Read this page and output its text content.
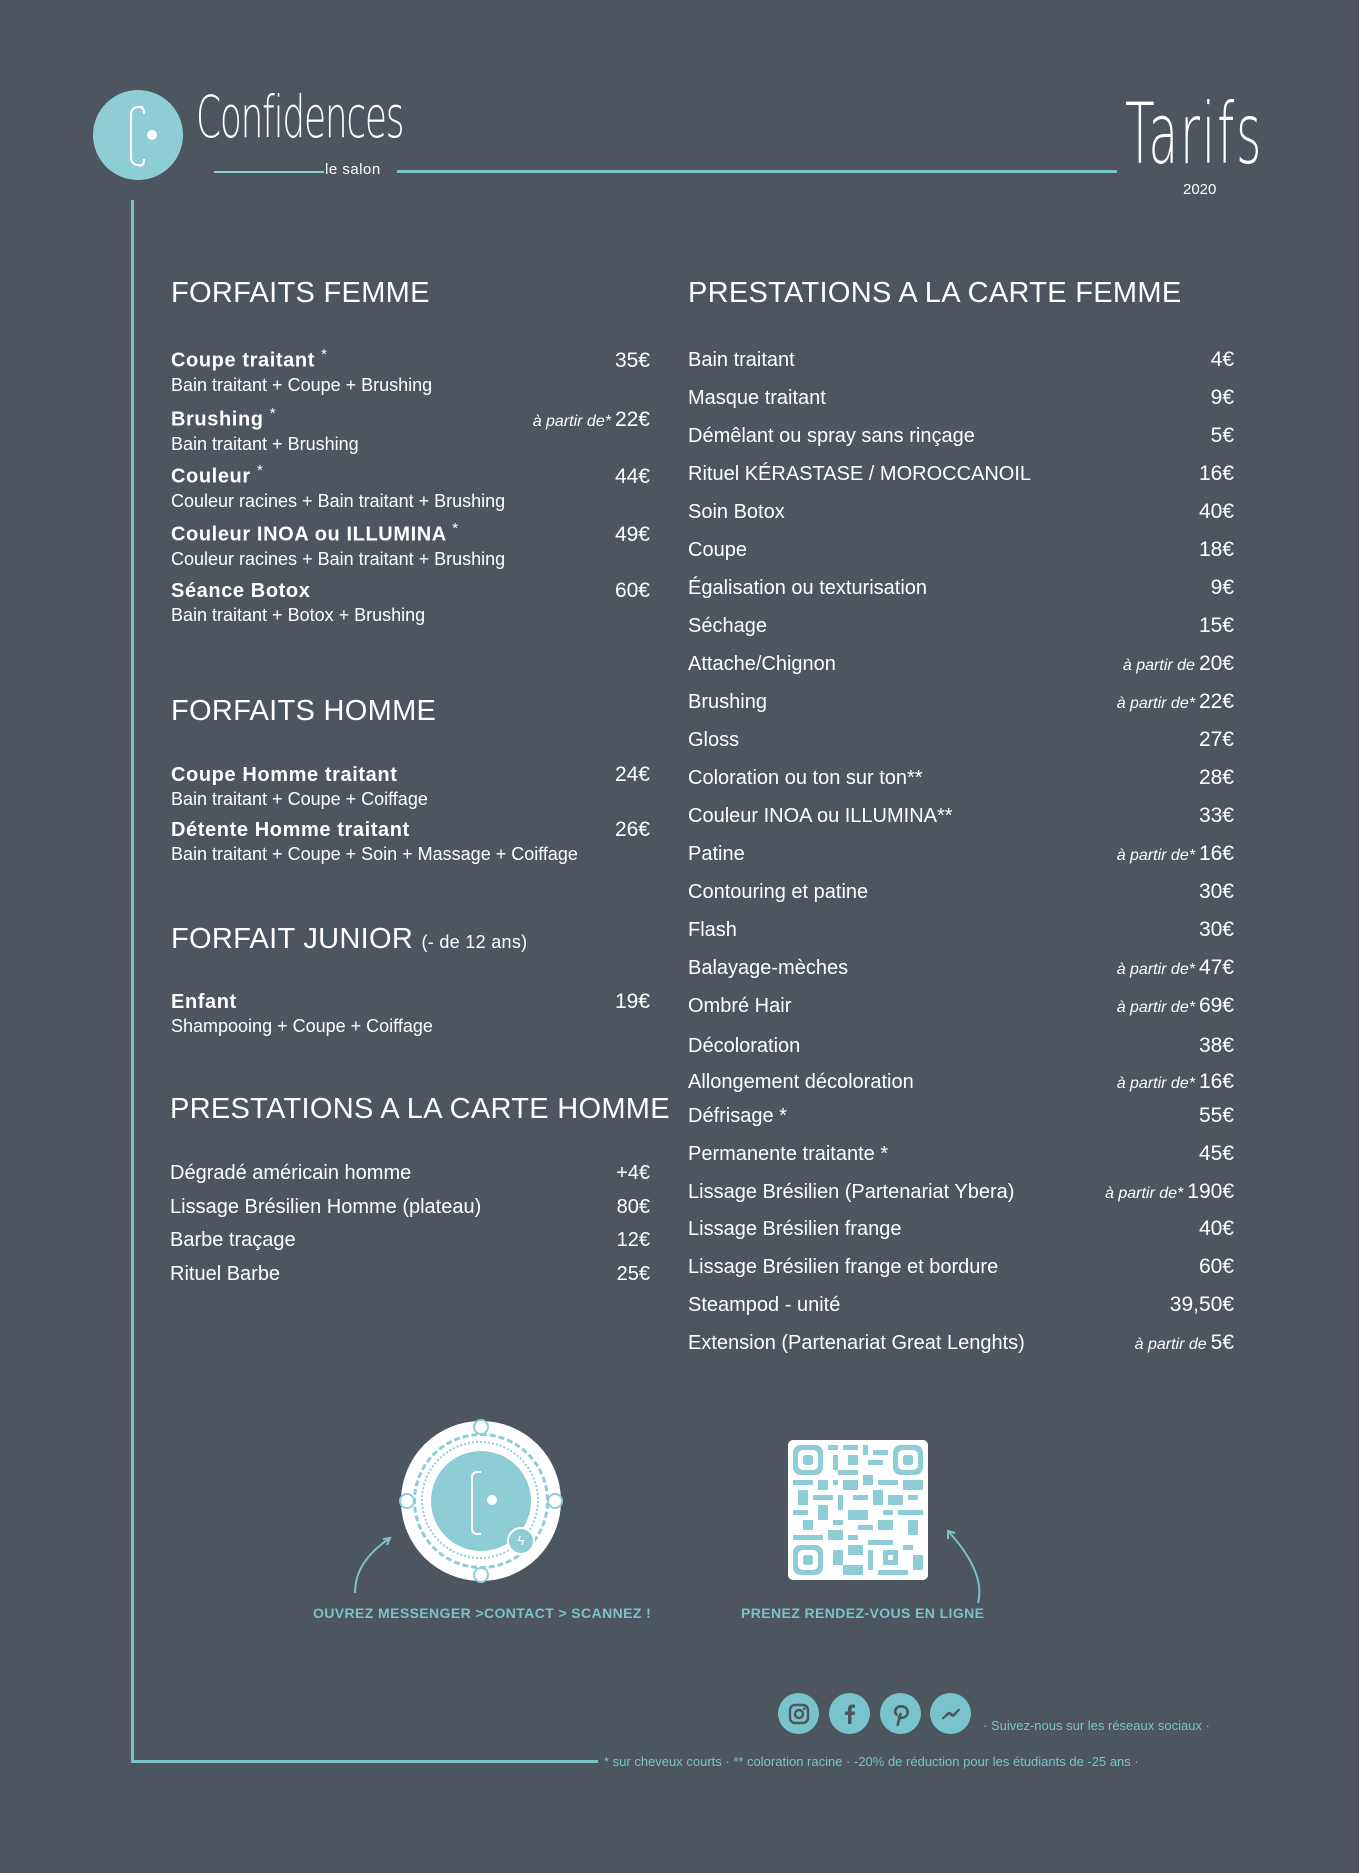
Confidences
le salon	Tarifs
2020
FORFAITS FEMME
Coupe traitant *	35€
Bain traitant + Coupe + Brushing
Brushing *	à partir de* 22€
Bain traitant + Brushing
Couleur *	44€
Couleur racines + Bain traitant + Brushing
Couleur INOA ou ILLUMINA *	49€
Couleur racines + Bain traitant + Brushing
Séance Botox	60€
Bain traitant + Botox + Brushing
FORFAITS HOMME
Coupe Homme traitant	24€
Bain traitant + Coupe + Coiffage
Détente Homme traitant	26€
Bain traitant + Coupe + Soin + Massage + Coiffage
FORFAIT JUNIOR (- de 12 ans)
Enfant	19€
Shampooing + Coupe + Coiffage
PRESTATIONS A LA CARTE HOMME
Dégradé américain homme	+4€
Lissage Brésilien Homme (plateau)	80€
Barbe traçage	12€
Rituel Barbe	25€
PRESTATIONS A LA CARTE FEMME
Bain traitant	4€
Masque traitant	9€
Démêlant ou spray sans rinçage	5€
Rituel KÉRASTASE / MOROCCANOIL	16€
Soin Botox	40€
Coupe	18€
Égalisation ou texturisation	9€
Séchage	15€
Attache/Chignon	à partir de 20€
Brushing	à partir de* 22€
Gloss	27€
Coloration ou ton sur ton**	28€
Couleur INOA ou ILLUMINA**	33€
Patine	à partir de* 16€
Contouring et patine	30€
Flash	30€
Balayage-mèches	à partir de* 47€
Ombré Hair	à partir de* 69€
Décoloration	38€
Allongement décoloration	à partir de* 16€
Défrisage *	55€
Permanente traitante *	45€
Lissage Brésilien (Partenariat Ybera)	à partir de* 190€
Lissage Brésilien frange	40€
Lissage Brésilien frange et bordure	60€
Steampod - unité	39,50€
Extension (Partenariat Great Lenghts)	à partir de 5€
ϟ
OUVREZ MESSENGER >CONTACT > SCANNEZ !	PRENEZ RENDEZ-VOUS EN LIGNE
· Suivez-nous sur les réseaux sociaux ·
* sur cheveux courts · ** coloration racine · -20% de réduction pour les étudiants de -25 ans ·
